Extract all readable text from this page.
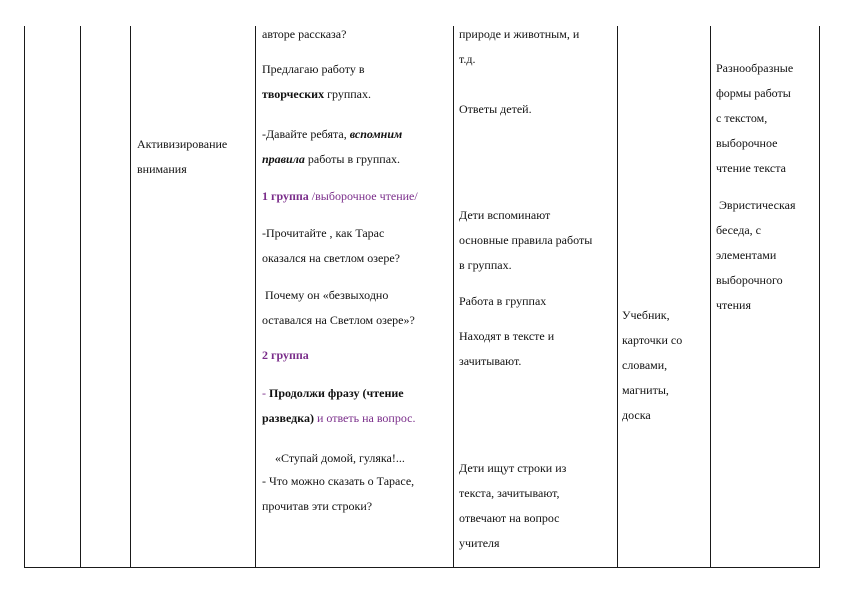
Активизирование
внимания
авторе рассказа?
Предлагаю работу в
творческих группах.
-Давайте ребята, вспомним
правила работы в группах.
1 группа /выборочное чтение/
-Прочитайте , как Тарас
оказался на светлом озере?
Почему он «безвыходно
оставался на Светлом озере»?
2 группа
- Продолжи фразу (чтение
разведка) и ответь на вопрос.
«Ступай домой, гуляка!...
- Что можно сказать о Тарасе,
прочитав эти строки?
природе и животным, и
т.д.
Ответы детей.
Дети вспоминают
основные правила работы
в группах.
Работа в группах
Находят в тексте и
зачитывают.
Дети ищут строки из
текста, зачитывают,
отвечают на вопрос
учителя
Учебник,
карточки со
словами,
магниты,
доска
Разнообразные
формы работы
с текстом,
выборочное
чтение текста
Эвристическая
беседа, с
элементами
выборочного
чтения
